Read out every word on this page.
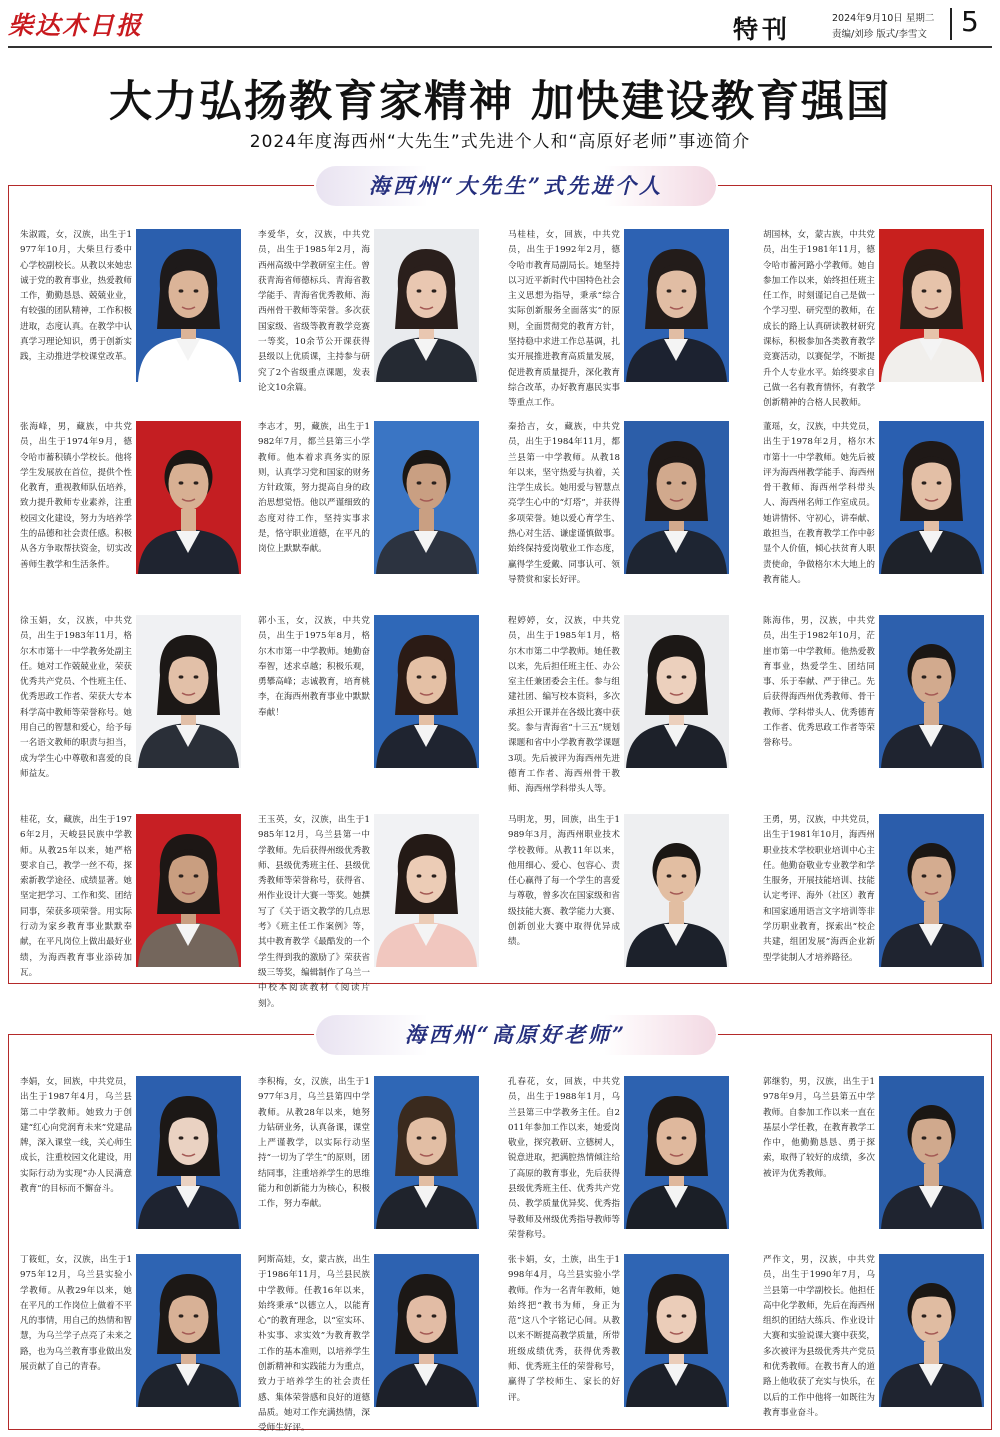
柴达木日报	特刊	2024年9月10日 星期二
责编/刘珍 版式/李雪文 5
大力弘扬教育家精神 加快建设教育强国
2024年度海西州“大先生”式先进个人和“高原好老师”事迹简介
海西州“大先生”式先进个人
海西州“高原好老师”
朱淑霞，女，汉族，出生于1977年10月，大柴旦行委中心学校副校长。从教以来她忠诚于党的教育事业，热爱教师工作，勤勤恳恳、兢兢业业，有较强的团队精神，工作积极进取，态度认真。在教学中认真学习理论知识，勇于创新实践，主动推进学校课堂改革。
李爱华，女，汉族，中共党员，出生于1985年2月，海西州高级中学教研室主任。曾获青海省师德标兵、青海省教学能手、青海省优秀教师、海西州骨干教师等荣誉。多次获国家级、省级等教育教学竞赛一等奖，10余节公开课获得县级以上优质课，主持参与研究了2个省级重点课题，发表论文10余篇。
马桂桂，女，回族，中共党员，出生于1992年2月，德令哈市教育局副局长。她坚持以习近平新时代中国特色社会主义思想为指导，秉承“综合实际创新服务全面落实”的原则，全面贯彻党的教育方针，坚持稳中求进工作总基调，扎实开展推进教育高质量发展，促进教育质量提升，深化教育综合改革，办好教育惠民实事等重点工作。
胡国林，女，蒙古族，中共党员，出生于1981年11月，德令哈市蓄河路小学教师。她自参加工作以来，始终担任班主任工作，时刻谨记自己是做一个学习型、研究型的教师，在成长的路上认真研读教材研究课标，积极参加各类教育教学竞赛活动，以赛促学，不断提升个人专业水平。始终要求自己做一名有教育情怀，有教学创新精神的合格人民教师。
张海峰，男，藏族，中共党员，出生于1974年9月，德令哈市蓄积镇小学校长。他将学生发展放在首位，提供个性化教育，重视教师队伍培养，致力提升教师专业素养，注重校园文化建设，努力为培养学生的品德和社会责任感。积极从各方争取帮扶资金，切实改善师生教学和生活条件。
李志才，男，藏族，出生于1982年7月，都兰县第三小学教师。他本着求真务实的原则，认真学习党和国家的财务方针政策，努力提高自身的政治思想觉悟。他以严谨细致的态度对待工作，坚持实事求是，恪守职业道德，在平凡的岗位上默默奉献。
秦拾吉，女，藏族，中共党员，出生于1984年11月，都兰县第一中学教师。从教18年以来，坚守热爱与执着，关注学生成长。她用爱与智慧点亮学生心中的“灯塔”，并获得多项荣誉。她以爱心育学生、热心对生活、谦虚谨慎做事。始终保持爱岗敬业工作态度，赢得学生爱戴、同事认可、领导赞赏和家长好评。
董瑶，女，汉族，中共党员，出生于1978年2月，格尔木市第十一中学教师。她先后被评为海西州教学能手、海西州骨干教师、海西州学科带头人、海西州名师工作室成员。她讲情怀、守初心，讲奉献、敢担当，在教育教学工作中彰显个人价值，倾心扶贫育人职责使命，争做格尔木大地上的教育能人。
徐玉娟，女，汉族，中共党员，出生于1983年11月，格尔木市第十一中学教务处副主任。她对工作兢兢业业，荣获优秀共产党员、个性班主任、优秀思政工作者、荣获大专本科学高中教师等荣誉称号。她用自己的智慧和爱心，给予每一名语文教师的职责与担当，成为学生心中尊敬和喜爱的良师益友。
郭小玉，女，汉族，中共党员，出生于1975年8月，格尔木市第一中学教师。她勤奋奉智，述求卓越；积极乐观，勇攀高峰；志诚教育，培育桃李，在海西州教育事业中默默奉献！
程婷婷，女，汉族，中共党员，出生于1985年1月，格尔木市第二中学教师。她任教以来，先后担任班主任、办公室主任兼团委会主任。参与组建社团、编写校本资料，多次承担公开课并在各级比赛中获奖。参与青海省“十三五”规划课题和省中小学教育教学课题3项。先后被评为海西州先进德育工作者、海西州骨干教师、海西州学科带头人等。
陈海伟，男，汉族，中共党员，出生于1982年10月，茫崖市第一中学教师。他热爱教育事业，热爱学生、团结同事、乐于奉献、严于律己。先后获得海西州优秀教师、骨干教师、学科带头人、优秀德育工作者、优秀思政工作者等荣誉称号。
桂花，女，藏族，出生于1976年2月，天峻县民族中学教师。从教25年以来，她严格要求自己，教学一丝不苟，探索新教学途径、成绩显著。她坚定把学习、工作和奖、团结同事，荣获多项荣誉。用实际行动为家乡教育事业默默奉献，在平凡岗位上做出最好业绩，为海西教育事业添砖加瓦。
王玉英，女，汉族，出生于1985年12月，乌兰县第一中学教师。先后获得州级优秀教师、县级优秀班主任、县级优秀教师等荣誉称号，获得省、州作业设计大赛一等奖。她撰写了《关于语文教学的几点思考》《班主任工作案例》等，其中教育教学《最酷发的一个学生得到我的激励了》荣获省级三等奖，编辑制作了乌兰一中校本阅读教材《阅读片刻》。
马明龙，男，回族，出生于1989年3月，海西州职业技术学校教师。从教11年以来，他用细心、爱心、包容心、责任心赢得了每一个学生的喜爱与尊敬，曾多次在国家级和省级技能大赛、教学能力大赛、创新创业大赛中取得优异成绩。
王勇，男，汉族，中共党员，出生于1981年10月，海西州职业技术学校职业培训中心主任。他勤奋敬业专业教学和学生服务，开展技能培训、技能认定考评、海外（社区）教育和国家通用语言文字培训等非学历职业教育，探索出“校企共建，组团发展”海西企业新型学徒制人才培养路径。
李娟，女，回族，中共党员，出生于1987年4月，乌兰县第二中学教师。她致力于创建“红心向党润育未来”党建品牌，深入课堂一线，关心师生成长，注重校园文化建设，用实际行动为实现“办人民满意教育”的目标而不懈奋斗。
李积梅，女，汉族，出生于1977年3月，乌兰县第四中学教师。从教28年以来，她努力钻研业务，认真备课，课堂上严谨教学，以实际行动坚持“一切为了学生”的原则，团结同事，注重培养学生的思维能力和创新能力为核心，积极工作，努力奉献。
孔春花，女，回族，中共党员，出生于1988年1月，乌兰县第三中学教务主任。自2011年参加工作以来，她爱岗敬业，探究教研、立德树人，锐意进取，把满腔热情倾注给了高原的教育事业，先后获得县级优秀班主任、优秀共产党员、教学质量优异奖、优秀指导教师及州级优秀指导教师等荣誉称号。
郭继豹，男，汉族，出生于1978年9月，乌兰县第五中学教师。自参加工作以来一直在基层小学任教，在教育教学工作中，他勤勤恳恳、勇于探索，取得了较好的成绩，多次被评为优秀教师。
丁筱虹，女，汉族，出生于1975年12月，乌兰县实验小学教师。从教29年以来，她在平凡的工作岗位上做着不平凡的事情，用自己的热情和智慧，为乌兰学子点亮了未来之路，也为乌兰教育事业做出发展贡献了自己的青春。
阿斯高娃，女，蒙古族，出生于1986年11月，乌兰县民族中学教师。任教16年以来，始终秉承“以德立人，以能育心”的教育理念，以“室实环、朴实事、求实效”为教育教学工作的基本准则，以培养学生创新精神和实践能力为重点，致力于培养学生的社会责任感、集体荣誉感和良好的道德品质。她对工作充满热情，深受师生好评。
张卡娟，女，土族，出生于1998年4月，乌兰县实验小学教师。作为一名青年教师，她始终把“教书为师，身正为范”这八个字铭记心间。从教以来不断提高教学质量，所带班级成绩优秀，获得优秀教师、优秀班主任的荣誉称号，赢得了学校师生、家长的好评。
严作文，男，汉族，中共党员，出生于1990年7月，乌兰县第一中学副校长。他担任高中化学教师，先后在海西州组织的团结大练兵、作业设计大赛和实验说课大赛中获奖，多次被评为县级优秀共产党员和优秀教师。在教书育人的道路上他收获了充实与快乐，在以后的工作中他将一如既往为教育事业奋斗。
